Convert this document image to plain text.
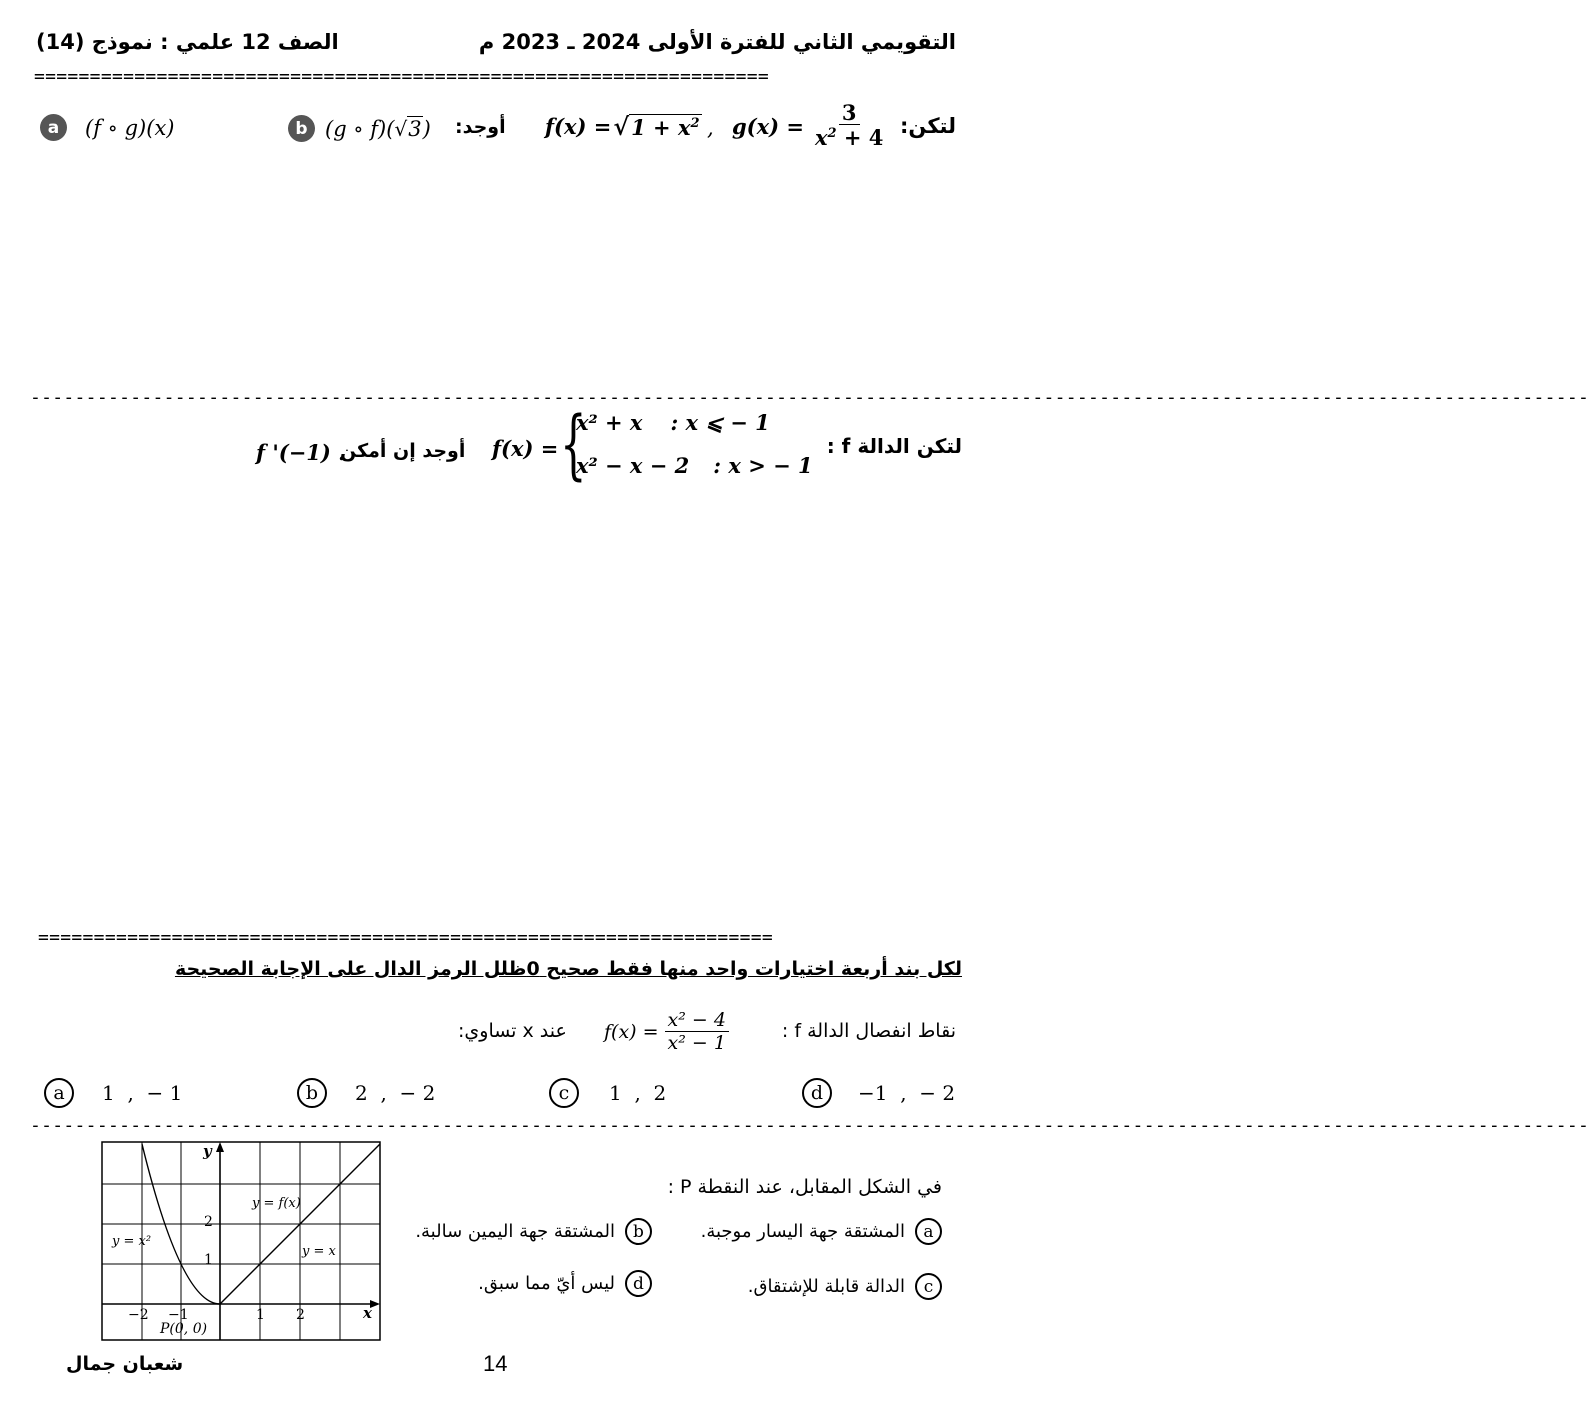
التقويمي الثاني للفترة الأولى 2024 ـ 2023 م
الصف 12 علمي : نموذج (14)
==================================================================
لتكن:
$g(x) = \frac{3}{x^2 + 4}$
,
f(x) = √ $1 + x^2$
أوجد:
b (g ∘ f)( √ 3 )
a	(f ∘ g)(x)
--------------------------------------------------------------------------------------------------------------------------------------------
لتكن الدالة f :
f(x) = {
x² + x : x ⩽ − 1
x² − x − 2 : x > − 1
أوجد إن أمكن
f '(−1) .
==================================================================
لكل بند أربعة اختيارات واحد منها فقط صحيح 0ظلل الرمز الدال على الإجابة الصحيحة
نقاط انفصال الدالة f :
$f(x) = \frac{\text{x² − 4}}{\text{x² − 1}}$
عند x تساوي:
a	1  ,  − 1	b	2  ,  − 2	c	1  ,  2	d	−1  ,  − 2
--------------------------------------------------------------------------------------------------------------------------------------------
y
x
y = f(x)
y = x²
y = x
P(0, 0)
2
1
−2 −1	1 2
في الشكل المقابل، عند النقطة P :
a
المشتقة جهة اليسار موجبة.
b
المشتقة جهة اليمين سالبة.
c
الدالة قابلة للإشتقاق.
d
ليس أيّ مما سبق.
شعبان جمال	14
